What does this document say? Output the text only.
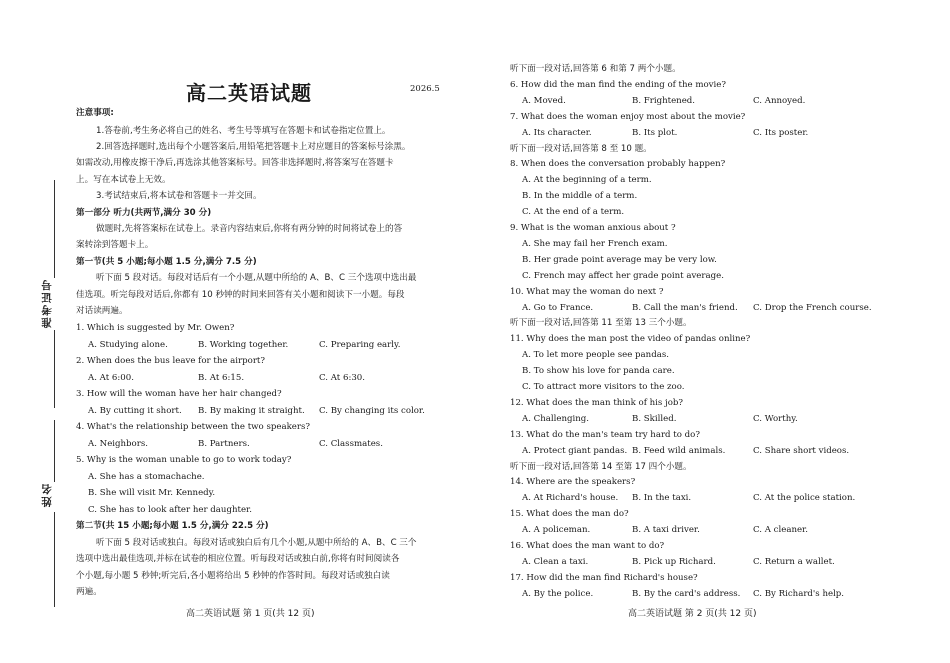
准考证号
姓名
高二英语试题	2026.5
注意事项:
1.答卷前,考生务必将自己的姓名、考生号等填写在答题卡和试卷指定位置上。
2.回答选择题时,选出每个小题答案后,用铅笔把答题卡上对应题目的答案标号涂黑。
如需改动,用橡皮擦干净后,再选涂其他答案标号。回答非选择题时,将答案写在答题卡
上。写在本试卷上无效。
3.考试结束后,将本试卷和答题卡一并交回。
第一部分 听力(共两节,满分 30 分)
做题时,先将答案标在试卷上。录音内容结束后,你将有两分钟的时间将试卷上的答
案转涂到答题卡上。
第一节(共 5 小题;每小题 1.5 分,满分 7.5 分)
听下面 5 段对话。每段对话后有一个小题,从题中所给的 A、B、C 三个选项中选出最
佳选项。听完每段对话后,你都有 10 秒钟的时间来回答有关小题和阅读下一小题。每段
对话读两遍。
1. Which is suggested by Mr. Owen?
A. Studying alone.	B. Working together.	C. Preparing early.
2. When does the bus leave for the airport?
A. At 6:00.	B. At 6:15.	C. At 6:30.
3. How will the woman have her hair changed?
A. By cutting it short. B. By making it straight. C. By changing its color.
4. What's the relationship between the two speakers?
A. Neighbors.	B. Partners.	C. Classmates.
5. Why is the woman unable to go to work today?
A. She has a stomachache.
B. She will visit Mr. Kennedy.
C. She has to look after her daughter.
第二节(共 15 小题;每小题 1.5 分,满分 22.5 分)
听下面 5 段对话或独白。每段对话或独白后有几个小题,从题中所给的 A、B、C 三个
选项中选出最佳选项,并标在试卷的相应位置。听每段对话或独白前,你将有时间阅读各
个小题,每小题 5 秒钟;听完后,各小题将给出 5 秒钟的作答时间。每段对话或独白读
两遍。
高二英语试题 第 1 页(共 12 页)
听下面一段对话,回答第 6 和第 7 两个小题。
6. How did the man find the ending of the movie?
A. Moved.	B. Frightened.	C. Annoyed.
7. What does the woman enjoy most about the movie?
A. Its character.	B. Its plot.	C. Its poster.
听下面一段对话,回答第 8 至 10 题。
8. When does the conversation probably happen?
A. At the beginning of a term.
B. In the middle of a term.
C. At the end of a term.
9. What is the woman anxious about ?
A. She may fail her French exam.
B. Her grade point average may be very low.
C. French may affect her grade point average.
10. What may the woman do next ?
A. Go to France.	B. Call the man's friend. C. Drop the French course.
听下面一段对话,回答第 11 至第 13 三个小题。
11. Why does the man post the video of pandas online?
A. To let more people see pandas.
B. To show his love for panda care.
C. To attract more visitors to the zoo.
12. What does the man think of his job?
A. Challenging.	B. Skilled.	C. Worthy.
13. What do the man's team try hard to do?
A. Protect giant pandas. B. Feed wild animals.	C. Share short videos.
听下面一段对话,回答第 14 至第 17 四个小题。
14. Where are the speakers?
A. At Richard's house. B. In the taxi.	C. At the police station.
15. What does the man do?
A. A policeman.	B. A taxi driver.	C. A cleaner.
16. What does the man want to do?
A. Clean a taxi.	B. Pick up Richard.	C. Return a wallet.
17. How did the man find Richard's house?
A. By the police.	B. By the card's address. C. By Richard's help.
高二英语试题 第 2 页(共 12 页)
